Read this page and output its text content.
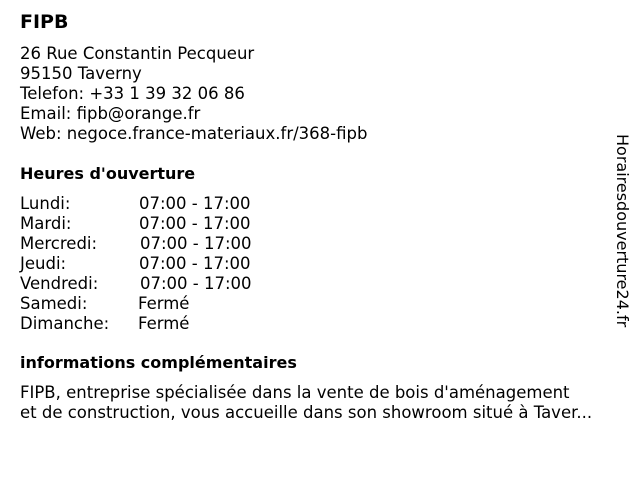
FIPB
26 Rue Constantin Pecqueur
95150 Taverny
Telefon: +33 1 39 32 06 86
Email: fipb@orange.fr
Web: negoce.france-materiaux.fr/368-fipb
Heures d'ouverture
Lundi:	07:00 - 17:00
Mardi:	07:00 - 17:00
Mercredi:	07:00 - 17:00
Jeudi:	07:00 - 17:00
Vendredi:	07:00 - 17:00
Samedi:	Fermé
Dimanche: Fermé
informations complémentaires
FIPB, entreprise spécialisée dans la vente de bois d'aménagement
et de construction, vous accueille dans son showroom situé à Taver...
Horairesdouverture24.fr
